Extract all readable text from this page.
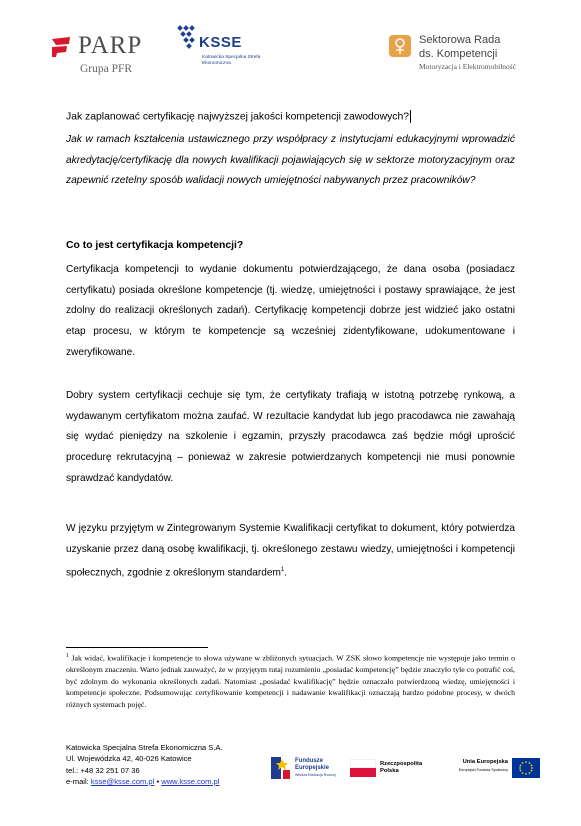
PARP
Grupa PFR
KSSE
Katowicka Specjalna Strefa Ekonomiczna
Sektorowa Rada
ds. Kompetencji
Motoryzacja i Elektromobilność
Jak zaplanować certyfikację najwyższej jakości kompetencji zawodowych?
Jak w ramach kształcenia ustawicznego przy współpracy z instytucjami edukacyjnymi wprowadzić akredytację/certyfikację dla nowych kwalifikacji pojawiających się w sektorze motoryzacyjnym oraz zapewnić rzetelny sposób walidacji nowych umiejętności nabywanych przez pracowników?
Co to jest certyfikacja kompetencji?
Certyfikacja kompetencji to wydanie dokumentu potwierdzającego, że dana osoba (posiadacz certyfikatu) posiada określone kompetencje (tj. wiedzę, umiejętności i postawy sprawiające, że jest zdolny do realizacji określonych zadań). Certyfikację kompetencji dobrze jest widzieć jako ostatni etap procesu, w którym te kompetencje są wcześniej zidentyfikowane, udokumentowane i zweryfikowane.
Dobry system certyfikacji cechuje się tym, że certyfikaty trafiają w istotną potrzebę rynkową, a wydawanym certyfikatom można zaufać. W rezultacie kandydat lub jego pracodawca nie zawahają się wydać pieniędzy na szkolenie i egzamin, przyszły pracodawca zaś będzie mógł uprościć procedurę rekrutacyjną – ponieważ w zakresie potwierdzanych kompetencji nie musi ponownie sprawdzać kandydatów.
W języku przyjętym w Zintegrowanym Systemie Kwalifikacji certyfikat to dokument, który potwierdza uzyskanie przez daną osobę kwalifikacji, tj. określonego zestawu wiedzy, umiejętności i kompetencji społecznych, zgodnie z określonym standardem$^1$.
$^1$ Jak widać, kwalifikacje i kompetencje to słowa używane w zbliżonych sytuacjach. W ZSK słowo kompetencje nie występuje jako termin o określonym znaczeniu. Warto jednak zauważyć, że w przyjętym tutaj rozumieniu „posiadać kompetencję” będzie znaczyło tyle co potrafić coś, być zdolnym do wykonania określonych zadań. Natomiast „posiadać kwalifikację” będzie oznaczało potwierdzoną wiedzę, umiejętności i kompetencje społeczne. Podsumowując certyfikowanie kompetencji i nadawanie kwalifikacji oznaczają bardzo podobne procesy, w dwóch różnych systemach pojęć.
Katowicka Specjalna Strefa Ekonomiczna S.A.
Ul. Wojewódzka 42, 40-026 Katowice
tel.: +48 32 251 07 36
e-mail: ksse@ksse.com.pl • www.ksse.com.pl
Fundusze Europejskie
Wiedza Edukacja Rozwój
Rzeczpospolita Polska
Unia Europejska
Europejski Fundusz Społeczny
